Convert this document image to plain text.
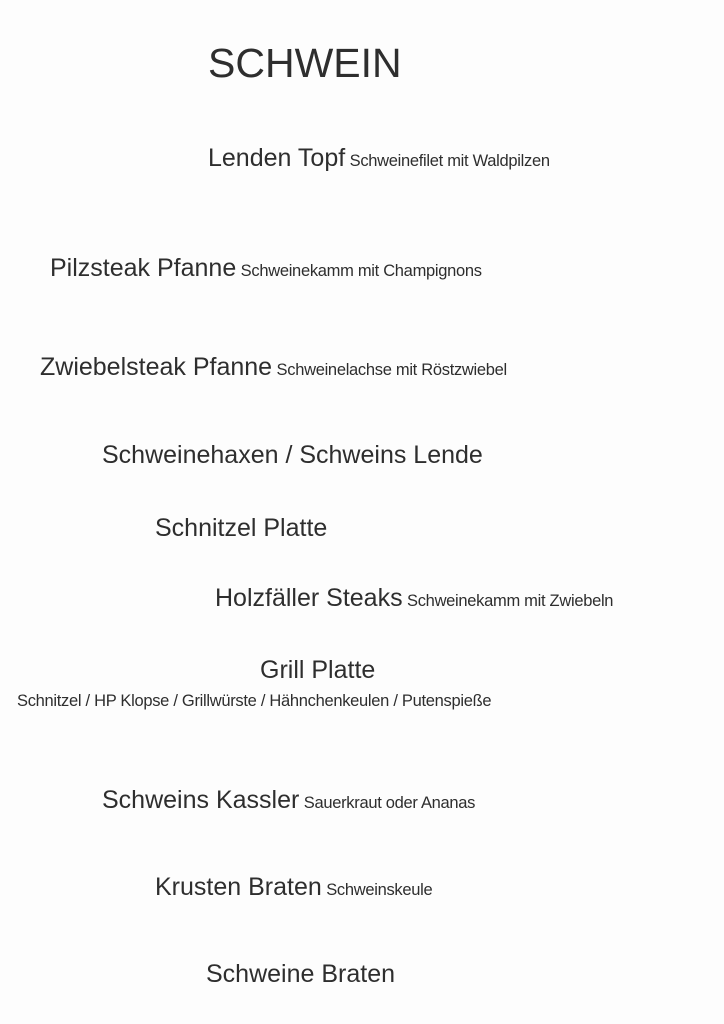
SCHWEIN
Lenden Topf Schweinefilet mit Waldpilzen
Pilzsteak Pfanne Schweinekamm mit Champignons
Zwiebelsteak Pfanne Schweinelachse mit Röstzwiebel
Schweinehaxen / Schweins Lende
Schnitzel Platte
Holzfäller Steaks Schweinekamm mit Zwiebeln
Grill Platte
Schnitzel / HP Klopse / Grillwürste / Hähnchenkeulen / Putenspieße
Schweins Kassler Sauerkraut oder Ananas
Krusten Braten Schweinskeule
Schweine Braten
